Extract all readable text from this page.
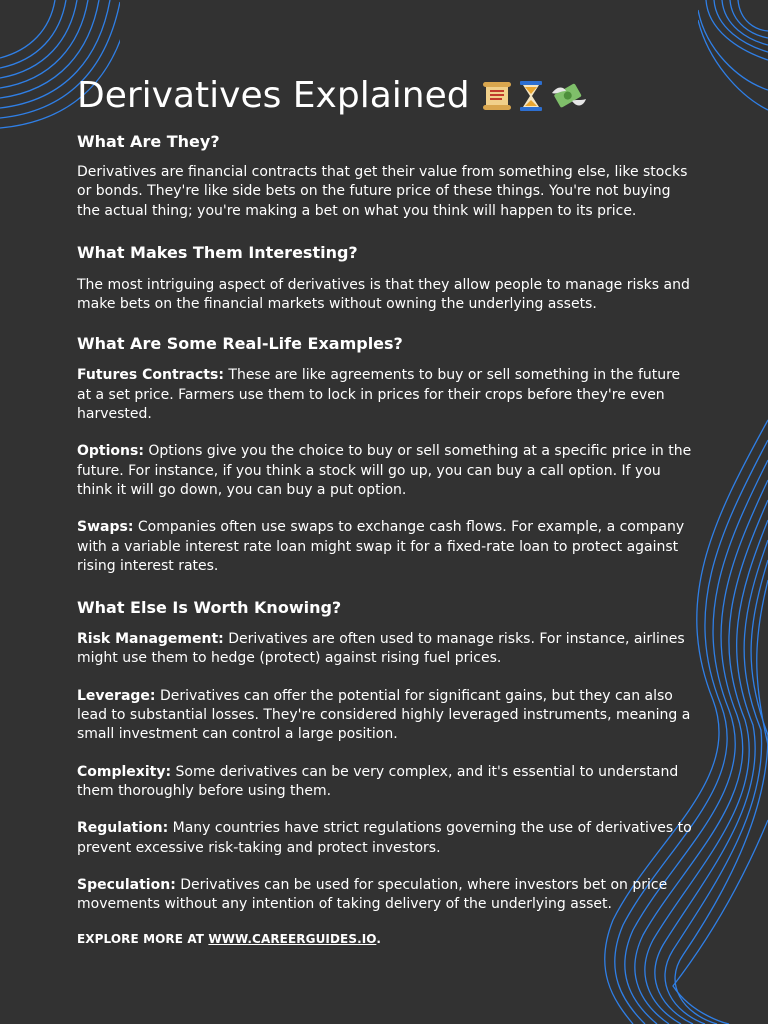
Derivatives Explained
What Are They?

Derivatives are financial contracts that get their value from something else, like stocks or bonds. They're like side bets on the future price of these things. You're not buying the actual thing; you're making a bet on what you think will happen to its price.

What Makes Them Interesting?

The most intriguing aspect of derivatives is that they allow people to manage risks and make bets on the financial markets without owning the underlying assets.

What Are Some Real-Life Examples?

Futures Contracts: These are like agreements to buy or sell something in the future at a set price. Farmers use them to lock in prices for their crops before they're even harvested.

Options: Options give you the choice to buy or sell something at a specific price in the future. For instance, if you think a stock will go up, you can buy a call option. If you think it will go down, you can buy a put option.

Swaps: Companies often use swaps to exchange cash flows. For example, a company with a variable interest rate loan might swap it for a fixed-rate loan to protect against rising interest rates.

What Else Is Worth Knowing?

Risk Management: Derivatives are often used to manage risks. For instance, airlines might use them to hedge (protect) against rising fuel prices.

Leverage: Derivatives can offer the potential for significant gains, but they can also lead to substantial losses. They're considered highly leveraged instruments, meaning a small investment can control a large position.

Complexity: Some derivatives can be very complex, and it's essential to understand them thoroughly before using them.

Regulation: Many countries have strict regulations governing the use of derivatives to prevent excessive risk-taking and protect investors.

Speculation: Derivatives can be used for speculation, where investors bet on price movements without any intention of taking delivery of the underlying asset.

EXPLORE MORE AT WWW.CAREERGUIDES.IO.
